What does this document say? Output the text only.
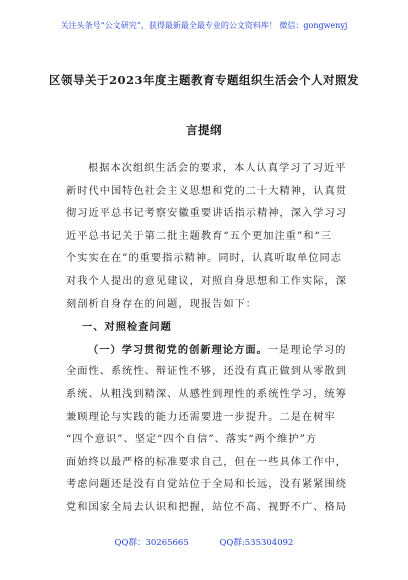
关注头条号“公文研究”，获得最新最全最专业的公文资料库！ 微信：gongwenyj
区领导关于2023年度主题教育专题组织生活会个人对照发
言提纲
根据本次组织生活会的要求，本人认真学习了习近平
新时代中国特色社会主义思想和党的二十大精神，认真贯
彻习近平总书记考察安徽重要讲话指示精神，深入学习习
近平总书记关于第二批主题教育“五个更加注重”和“三
个实实在在”的重要指示精神。同时，认真听取单位同志
对我个人提出的意见建议，对照自身思想和工作实际，深
刻剖析自身存在的问题，现报告如下：
一、对照检查问题
（一）学习贯彻党的创新理论方面。一是理论学习的
全面性、系统性、辩证性不够，还没有真正做到从零散到
系统、从粗浅到精深、从感性到理性的系统性学习，统筹
兼顾理论与实践的能力还需要进一步提升。二是在树牢
“四个意识”、坚定“四个自信”、落实“两个维护”方
面始终以最严格的标准要求自己，但在一些具体工作中，
考虑问题还是没有自觉站位于全局和长远，没有紧紧围绕
党和国家全局去认识和把握，站位不高、视野不广、格局
QQ群：30265665	QQ群:535304092
